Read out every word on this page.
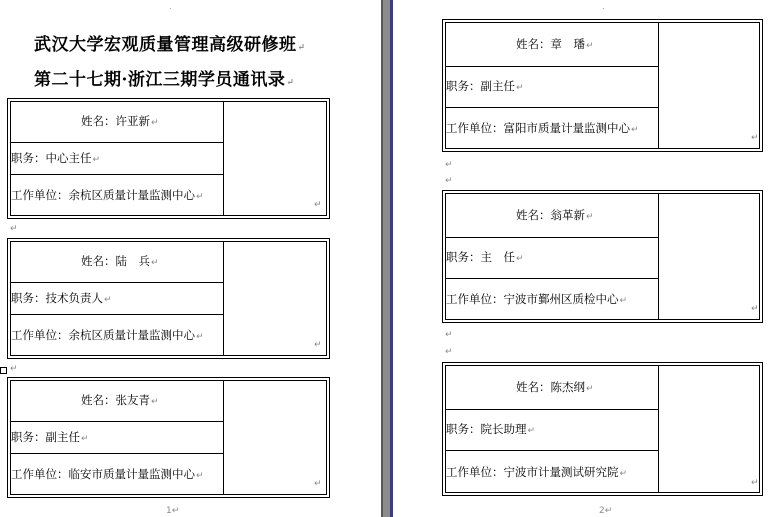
˙
武汉大学宏观质量管理高级研修班↵
第二十七期·浙江三期学员通讯录↵
姓名：许亚新↵
职务：中心主任↵
工作单位：余杭区质量计量监测中心↵
↵
↵
姓名：陆　兵↵
职务：技术负责人↵
工作单位：余杭区质量计量监测中心↵
↵
↵
姓名：张友青↵
职务：副主任↵
工作单位：临安市质量计量监测中心↵
↵
1↵
˙
姓名：章　璠↵
职务：副主任↵
工作单位：富阳市质量计量监测中心↵
↵
↵
↵
姓名：翁革新↵
职务：主　任↵
工作单位：宁波市鄞州区质检中心↵
↵
↵
↵
姓名：陈杰纲↵
职务：院长助理↵
工作单位：宁波市计量测试研究院↵
↵
2↵
